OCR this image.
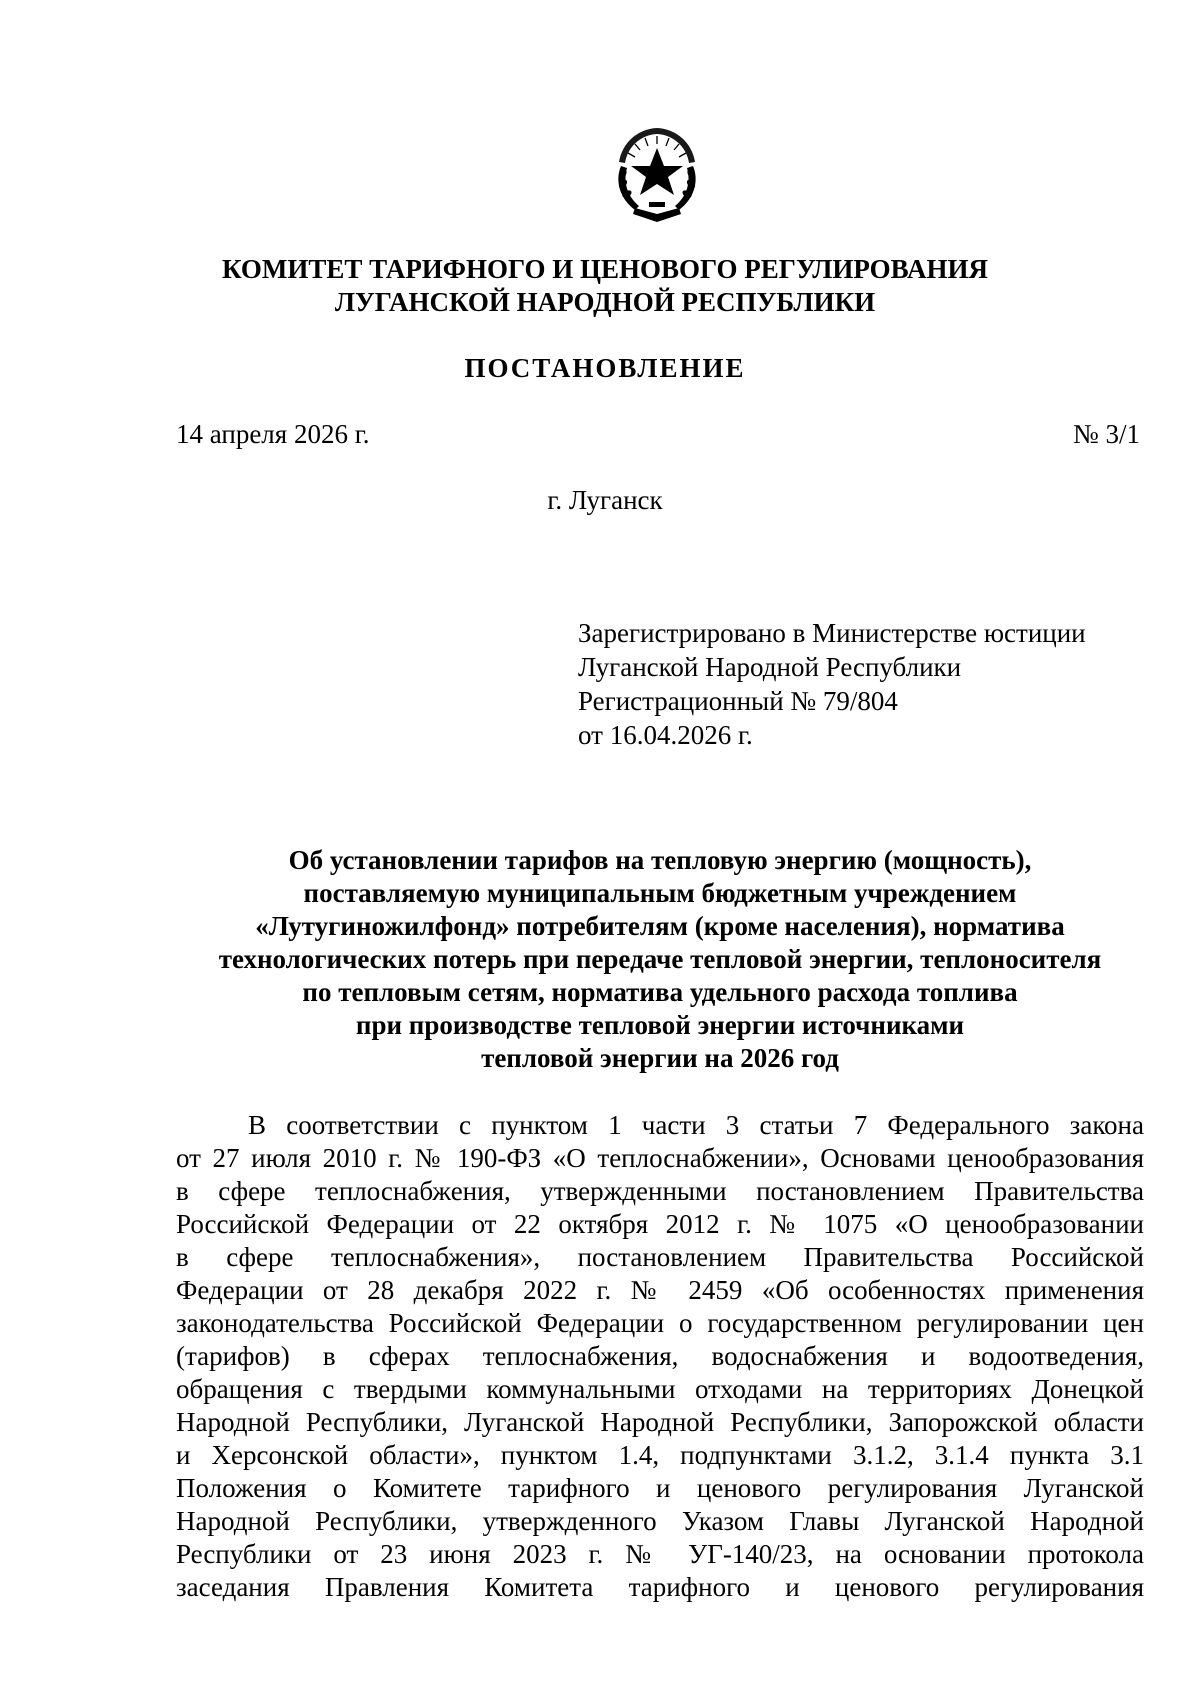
КОМИТЕТ ТАРИФНОГО И ЦЕНОВОГО РЕГУЛИРОВАНИЯ
ЛУГАНСКОЙ НАРОДНОЙ РЕСПУБЛИКИ
ПОСТАНОВЛЕНИЕ
14 апреля 2026 г.	№ 3/1
г. Луганск
Зарегистрировано в Министерстве юстиции
Луганской Народной Республики
Регистрационный № 79/804
от 16.04.2026 г.
Об установлении тарифов на тепловую энергию (мощность),
поставляемую муниципальным бюджетным учреждением
«Лутугиножилфонд» потребителям (кроме населения), норматива
технологических потерь при передаче тепловой энергии, теплоносителя
по тепловым сетям, норматива удельного расхода топлива
при производстве тепловой энергии источниками
тепловой энергии на 2026 год
В соответствии с пунктом 1 части 3 статьи 7 Федерального закона
от 27 июля 2010 г. № 190-ФЗ «О теплоснабжении», Основами ценообразования
в сфере теплоснабжения, утвержденными постановлением Правительства
Российской Федерации от 22 октября 2012 г. № 1075 «О ценообразовании
в сфере теплоснабжения», постановлением Правительства Российской
Федерации от 28 декабря 2022 г. № 2459 «Об особенностях применения
законодательства Российской Федерации о государственном регулировании цен
(тарифов) в сферах теплоснабжения, водоснабжения и водоотведения,
обращения с твердыми коммунальными отходами на территориях Донецкой
Народной Республики, Луганской Народной Республики, Запорожской области
и Херсонской области», пунктом 1.4, подпунктами 3.1.2, 3.1.4 пункта 3.1
Положения о Комитете тарифного и ценового регулирования Луганской
Народной Республики, утвержденного Указом Главы Луганской Народной
Республики от 23 июня 2023 г. № УГ-140/23, на основании протокола
заседания Правления Комитета тарифного и ценового регулирования
